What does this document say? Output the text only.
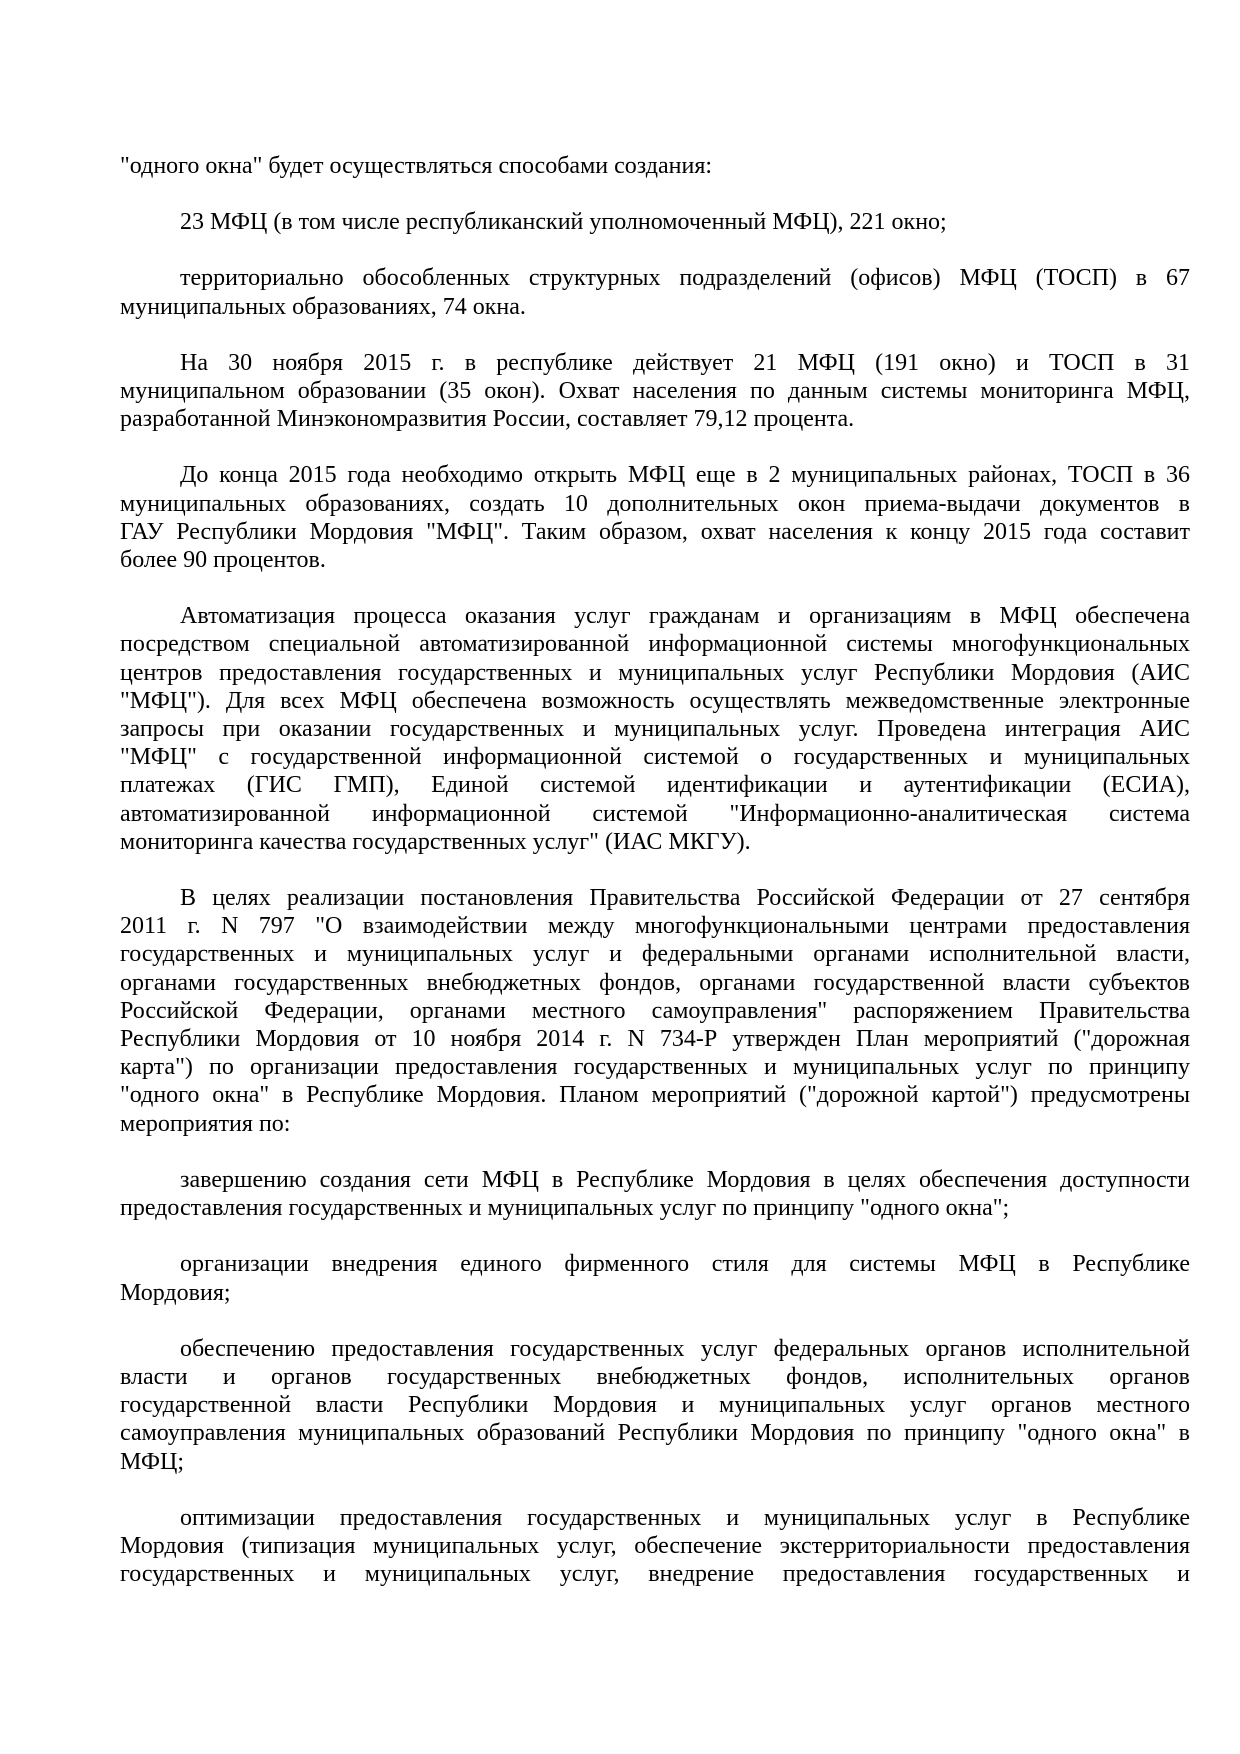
"одного окна" будет осуществляться способами создания:

23 МФЦ (в том числе республиканский уполномоченный МФЦ), 221 окно;

территориально обособленных структурных подразделений (офисов) МФЦ (ТОСП) в 67
муниципальных образованиях, 74 окна.

На 30 ноября 2015 г. в республике действует 21 МФЦ (191 окно) и ТОСП в 31
муниципальном образовании (35 окон). Охват населения по данным системы мониторинга МФЦ,
разработанной Минэкономразвития России, составляет 79,12 процента.

До конца 2015 года необходимо открыть МФЦ еще в 2 муниципальных районах, ТОСП в 36
муниципальных образованиях, создать 10 дополнительных окон приема-выдачи документов в
ГАУ Республики Мордовия "МФЦ". Таким образом, охват населения к концу 2015 года составит
более 90 процентов.

Автоматизация процесса оказания услуг гражданам и организациям в МФЦ обеспечена
посредством специальной автоматизированной информационной системы многофункциональных
центров предоставления государственных и муниципальных услуг Республики Мордовия (АИС
"МФЦ"). Для всех МФЦ обеспечена возможность осуществлять межведомственные электронные
запросы при оказании государственных и муниципальных услуг. Проведена интеграция АИС
"МФЦ" с государственной информационной системой о государственных и муниципальных
платежах (ГИС ГМП), Единой системой идентификации и аутентификации (ЕСИА),
автоматизированной информационной системой "Информационно-аналитическая система
мониторинга качества государственных услуг" (ИАС МКГУ).

В целях реализации постановления Правительства Российской Федерации от 27 сентября
2011 г. N 797 "О взаимодействии между многофункциональными центрами предоставления
государственных и муниципальных услуг и федеральными органами исполнительной власти,
органами государственных внебюджетных фондов, органами государственной власти субъектов
Российской Федерации, органами местного самоуправления" распоряжением Правительства
Республики Мордовия от 10 ноября 2014 г. N 734-Р утвержден План мероприятий ("дорожная
карта") по организации предоставления государственных и муниципальных услуг по принципу
"одного окна" в Республике Мордовия. Планом мероприятий ("дорожной картой") предусмотрены
мероприятия по:

завершению создания сети МФЦ в Республике Мордовия в целях обеспечения доступности
предоставления государственных и муниципальных услуг по принципу "одного окна";

организации внедрения единого фирменного стиля для системы МФЦ в Республике
Мордовия;

обеспечению предоставления государственных услуг федеральных органов исполнительной
власти и органов государственных внебюджетных фондов, исполнительных органов
государственной власти Республики Мордовия и муниципальных услуг органов местного
самоуправления муниципальных образований Республики Мордовия по принципу "одного окна" в
МФЦ;

оптимизации предоставления государственных и муниципальных услуг в Республике
Мордовия (типизация муниципальных услуг, обеспечение экстерриториальности предоставления
государственных и муниципальных услуг, внедрение предоставления государственных и
